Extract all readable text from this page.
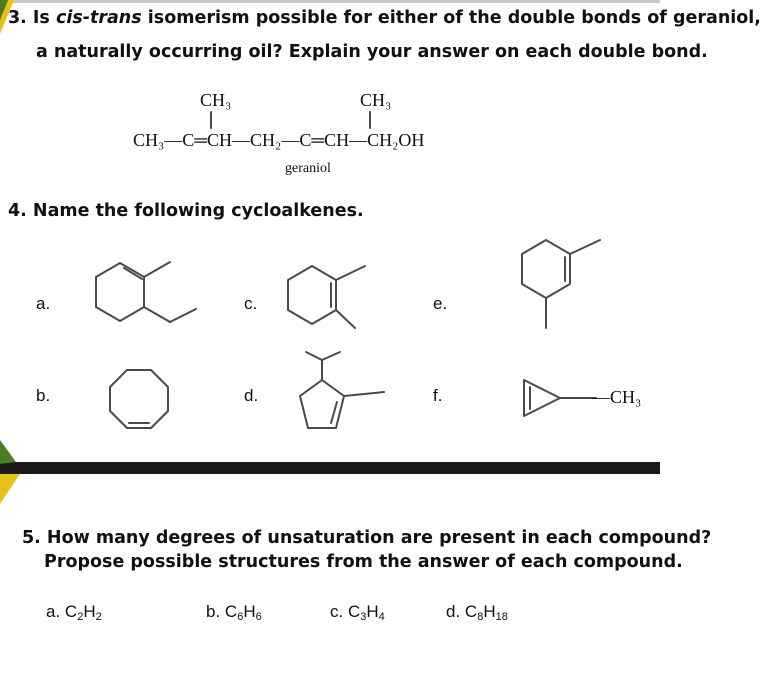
3. Is cis-trans isomerism possible for either of the double bonds of geraniol,
a naturally occurring oil? Explain your answer on each double bond.
CH₃	CH₃
CH₃—C═CH—CH₂—C═CH—CH₂OH
geraniol
4. Name the following cycloalkenes.
a.	c.	e.
b.	d.	f.	—CH₃
5. How many degrees of unsaturation are present in each compound?
Propose possible structures from the answer of each compound.
a. $C_2H_2$	b. $C_6H_6$	c. $C_3H_4$	d. $C_8H_{18}$
